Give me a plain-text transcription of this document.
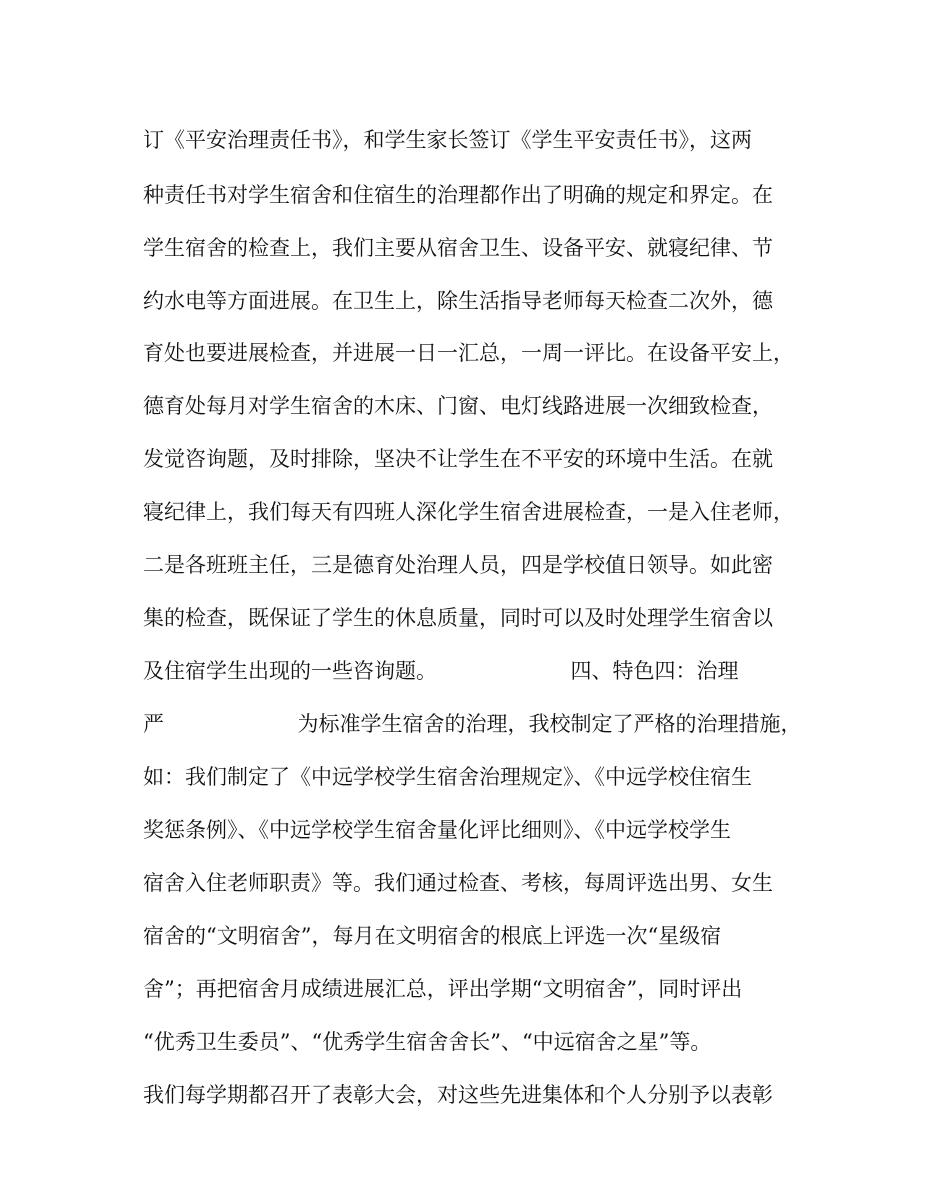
订《平安治理责任书》，和学生家长签订《学生平安责任书》，这两

种责任书对学生宿舍和住宿生的治理都作出了明确的规定和界定。在

学生宿舍的检查上，我们主要从宿舍卫生、设备平安、就寝纪律、节

约水电等方面进展。在卫生上，除生活指导老师每天检查二次外，德

育处也要进展检查，并进展一日一汇总，一周一评比。在设备平安上，

德育处每月对学生宿舍的木床、门窗、电灯线路进展一次细致检查，

发觉咨询题，及时排除，坚决不让学生在不平安的环境中生活。在就

寝纪律上，我们每天有四班人深化学生宿舍进展检查，一是入住老师，

二是各班班主任，三是德育处治理人员，四是学校值日领导。如此密

集的检查，既保证了学生的休息质量，同时可以及时处理学生宿舍以

及住宿学生出现的一些咨询题。                    四、特色四：治理

严                    为标准学生宿舍的治理，我校制定了严格的治理措施，

如：我们制定了《中远学校学生宿舍治理规定》、《中远学校住宿生

奖惩条例》、《中远学校学生宿舍量化评比细则》、《中远学校学生

宿舍入住老师职责》等。我们通过检查、考核，每周评选出男、女生

宿舍的“文明宿舍”，每月在文明宿舍的根底上评选一次“星级宿

舍”；再把宿舍月成绩进展汇总，评出学期“文明宿舍”，同时评出

“优秀卫生委员”、“优秀学生宿舍舍长”、“中远宿舍之星”等。

我们每学期都召开了表彰大会，对这些先进集体和个人分别予以表彰
